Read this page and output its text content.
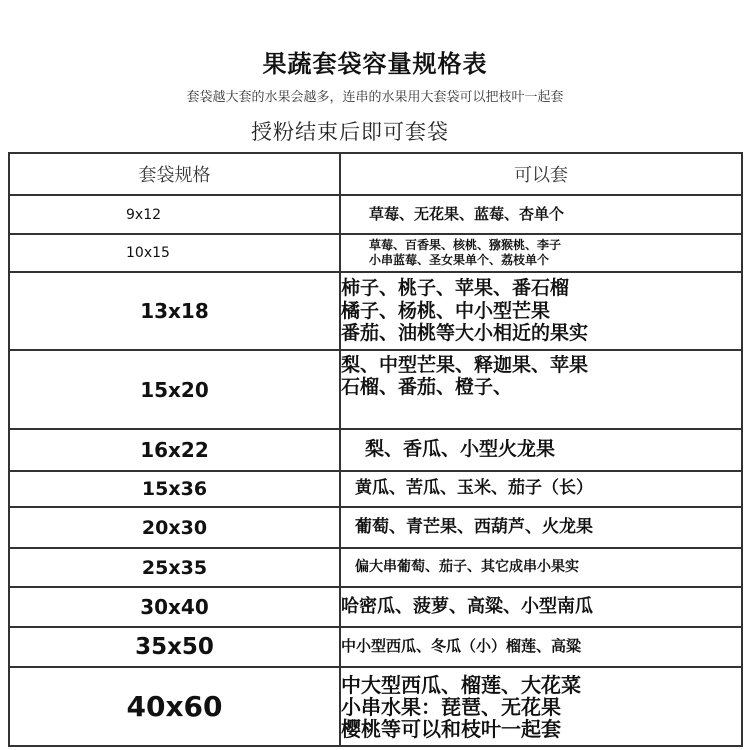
果蔬套袋容量规格表
套袋越大套的水果会越多，连串的水果用大套袋可以把枝叶一起套
授粉结束后即可套袋
套袋规格	可以套
9x12	草莓、无花果、蓝莓、杏单个

10x15	草莓、百香果、核桃、猕猴桃、李子
小串蓝莓、圣女果单个、荔枝单个

13x18	柿子、桃子、苹果、番石榴
橘子、杨桃、中小型芒果
番茄、油桃等大小相近的果实

15x20	梨、中型芒果、释迦果、苹果
石榴、番茄、橙子、

16x22	梨、香瓜、小型火龙果

15x36	黄瓜、苦瓜、玉米、茄子（长）

20x30	葡萄、青芒果、西葫芦、火龙果

25x35	偏大串葡萄、茄子、其它成串小果实

30x40	哈密瓜、菠萝、高粱、小型南瓜

35x50	中小型西瓜、冬瓜（小）榴莲、高粱

40x60	中大型西瓜、榴莲、大花菜
小串水果：琵琶、无花果
樱桃等可以和枝叶一起套
